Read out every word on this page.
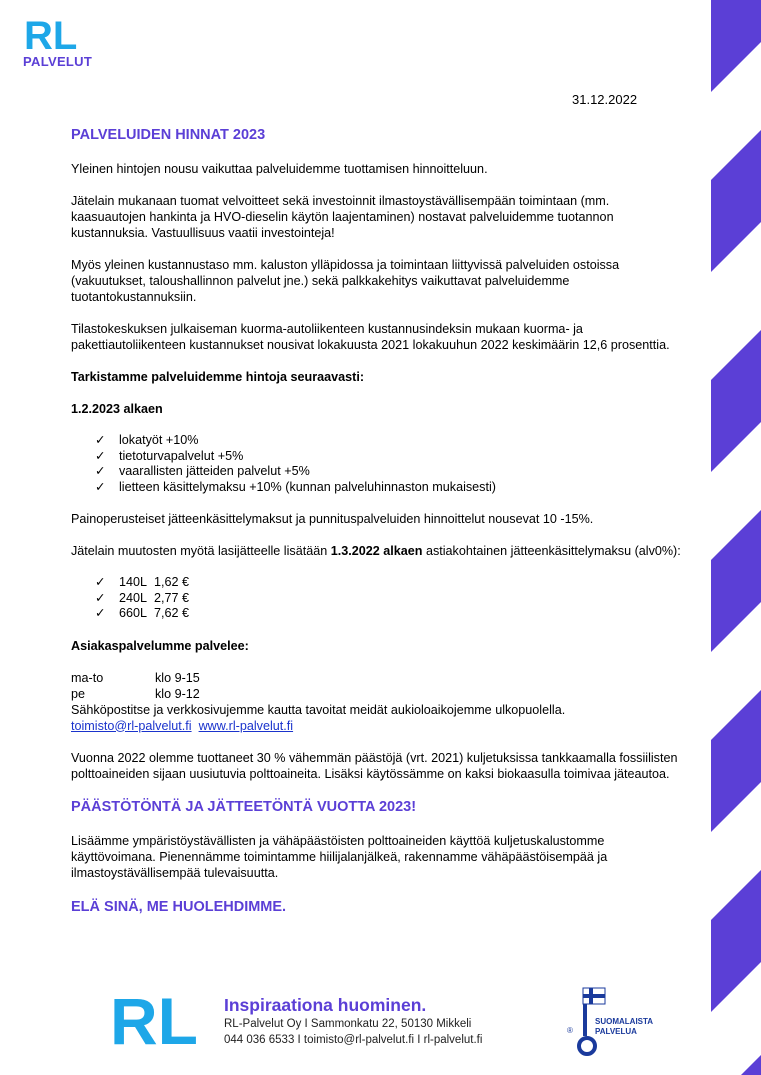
RL
PALVELUT
31.12.2022

PALVELUIDEN HINNAT 2023

Yleinen hintojen nousu vaikuttaa palveluidemme tuottamisen hinnoitteluun.

Jätelain mukanaan tuomat velvoitteet sekä investoinnit ilmastoystävällisempään toimintaan (mm. kaasuautojen hankinta ja HVO-dieselin käytön laajentaminen) nostavat palveluidemme tuotannon kustannuksia. Vastuullisuus vaatii investointeja!

Myös yleinen kustannustaso mm. kaluston ylläpidossa ja toimintaan liittyvissä palveluiden ostoissa (vakuutukset, taloushallinnon palvelut jne.) sekä palkkakehitys vaikuttavat palveluidemme tuotantokustannuksiin.

Tilastokeskuksen julkaiseman kuorma-autoliikenteen kustannusindeksin mukaan kuorma- ja pakettiautoliikenteen kustannukset nousivat lokakuusta 2021 lokakuuhun 2022 keskimäärin 12,6 prosenttia.

Tarkistamme palveluidemme hintoja seuraavasti:

1.2.2023 alkaen

✓ lokatyöt +10%
✓ tietoturvapalvelut +5%
✓ vaarallisten jätteiden palvelut +5%
✓ lietteen käsittelymaksu +10% (kunnan palveluhinnaston mukaisesti)

Painoperusteiset jätteenkäsittelymaksut ja punnituspalveluiden hinnoittelut nousevat 10 -15%.

Jätelain muutosten myötä lasijätteelle lisätään 1.3.2022 alkaen astiakohtainen jätteenkäsittelymaksu (alv0%):

✓ 140L 1,62 €
✓ 240L 2,77 €
✓ 660L 7,62 €

Asiakaspalvelumme palvelee:

ma-to	klo 9-15
pe	klo 9-12

Sähköpostitse ja verkkosivujemme kautta tavoitat meidät aukioloaikojemme ulkopuolella.

toimisto@rl-palvelut.fi www.rl-palvelut.fi

Vuonna 2022 olemme tuottaneet 30 % vähemmän päästöjä (vrt. 2021) kuljetuksissa tankkaamalla fossiilisten polttoaineiden sijaan uusiutuvia polttoaineita. Lisäksi käytössämme on kaksi biokaasulla toimivaa jäteautoa.

PÄÄSTÖTÖNTÄ JA JÄTTEETÖNTÄ VUOTTA 2023!

Lisäämme ympäristöystävällisten ja vähäpäästöisten polttoaineiden käyttöä kuljetuskalustomme käyttövoimana. Pienennämme toimintamme hiilijalanjälkeä, rakennamme vähäpäästöisempää ja ilmastoystävällisempää tulevaisuutta.

ELÄ SINÄ, ME HUOLEHDIMME.

RL Inspiraationa huominen.
RL-Palvelut Oy I Sammonkatu 22, 50130 Mikkeli
044 036 6533 I toimisto@rl-palvelut.fi I rl-palvelut.fi
®
SUOMALAISTA
PALVELUA
